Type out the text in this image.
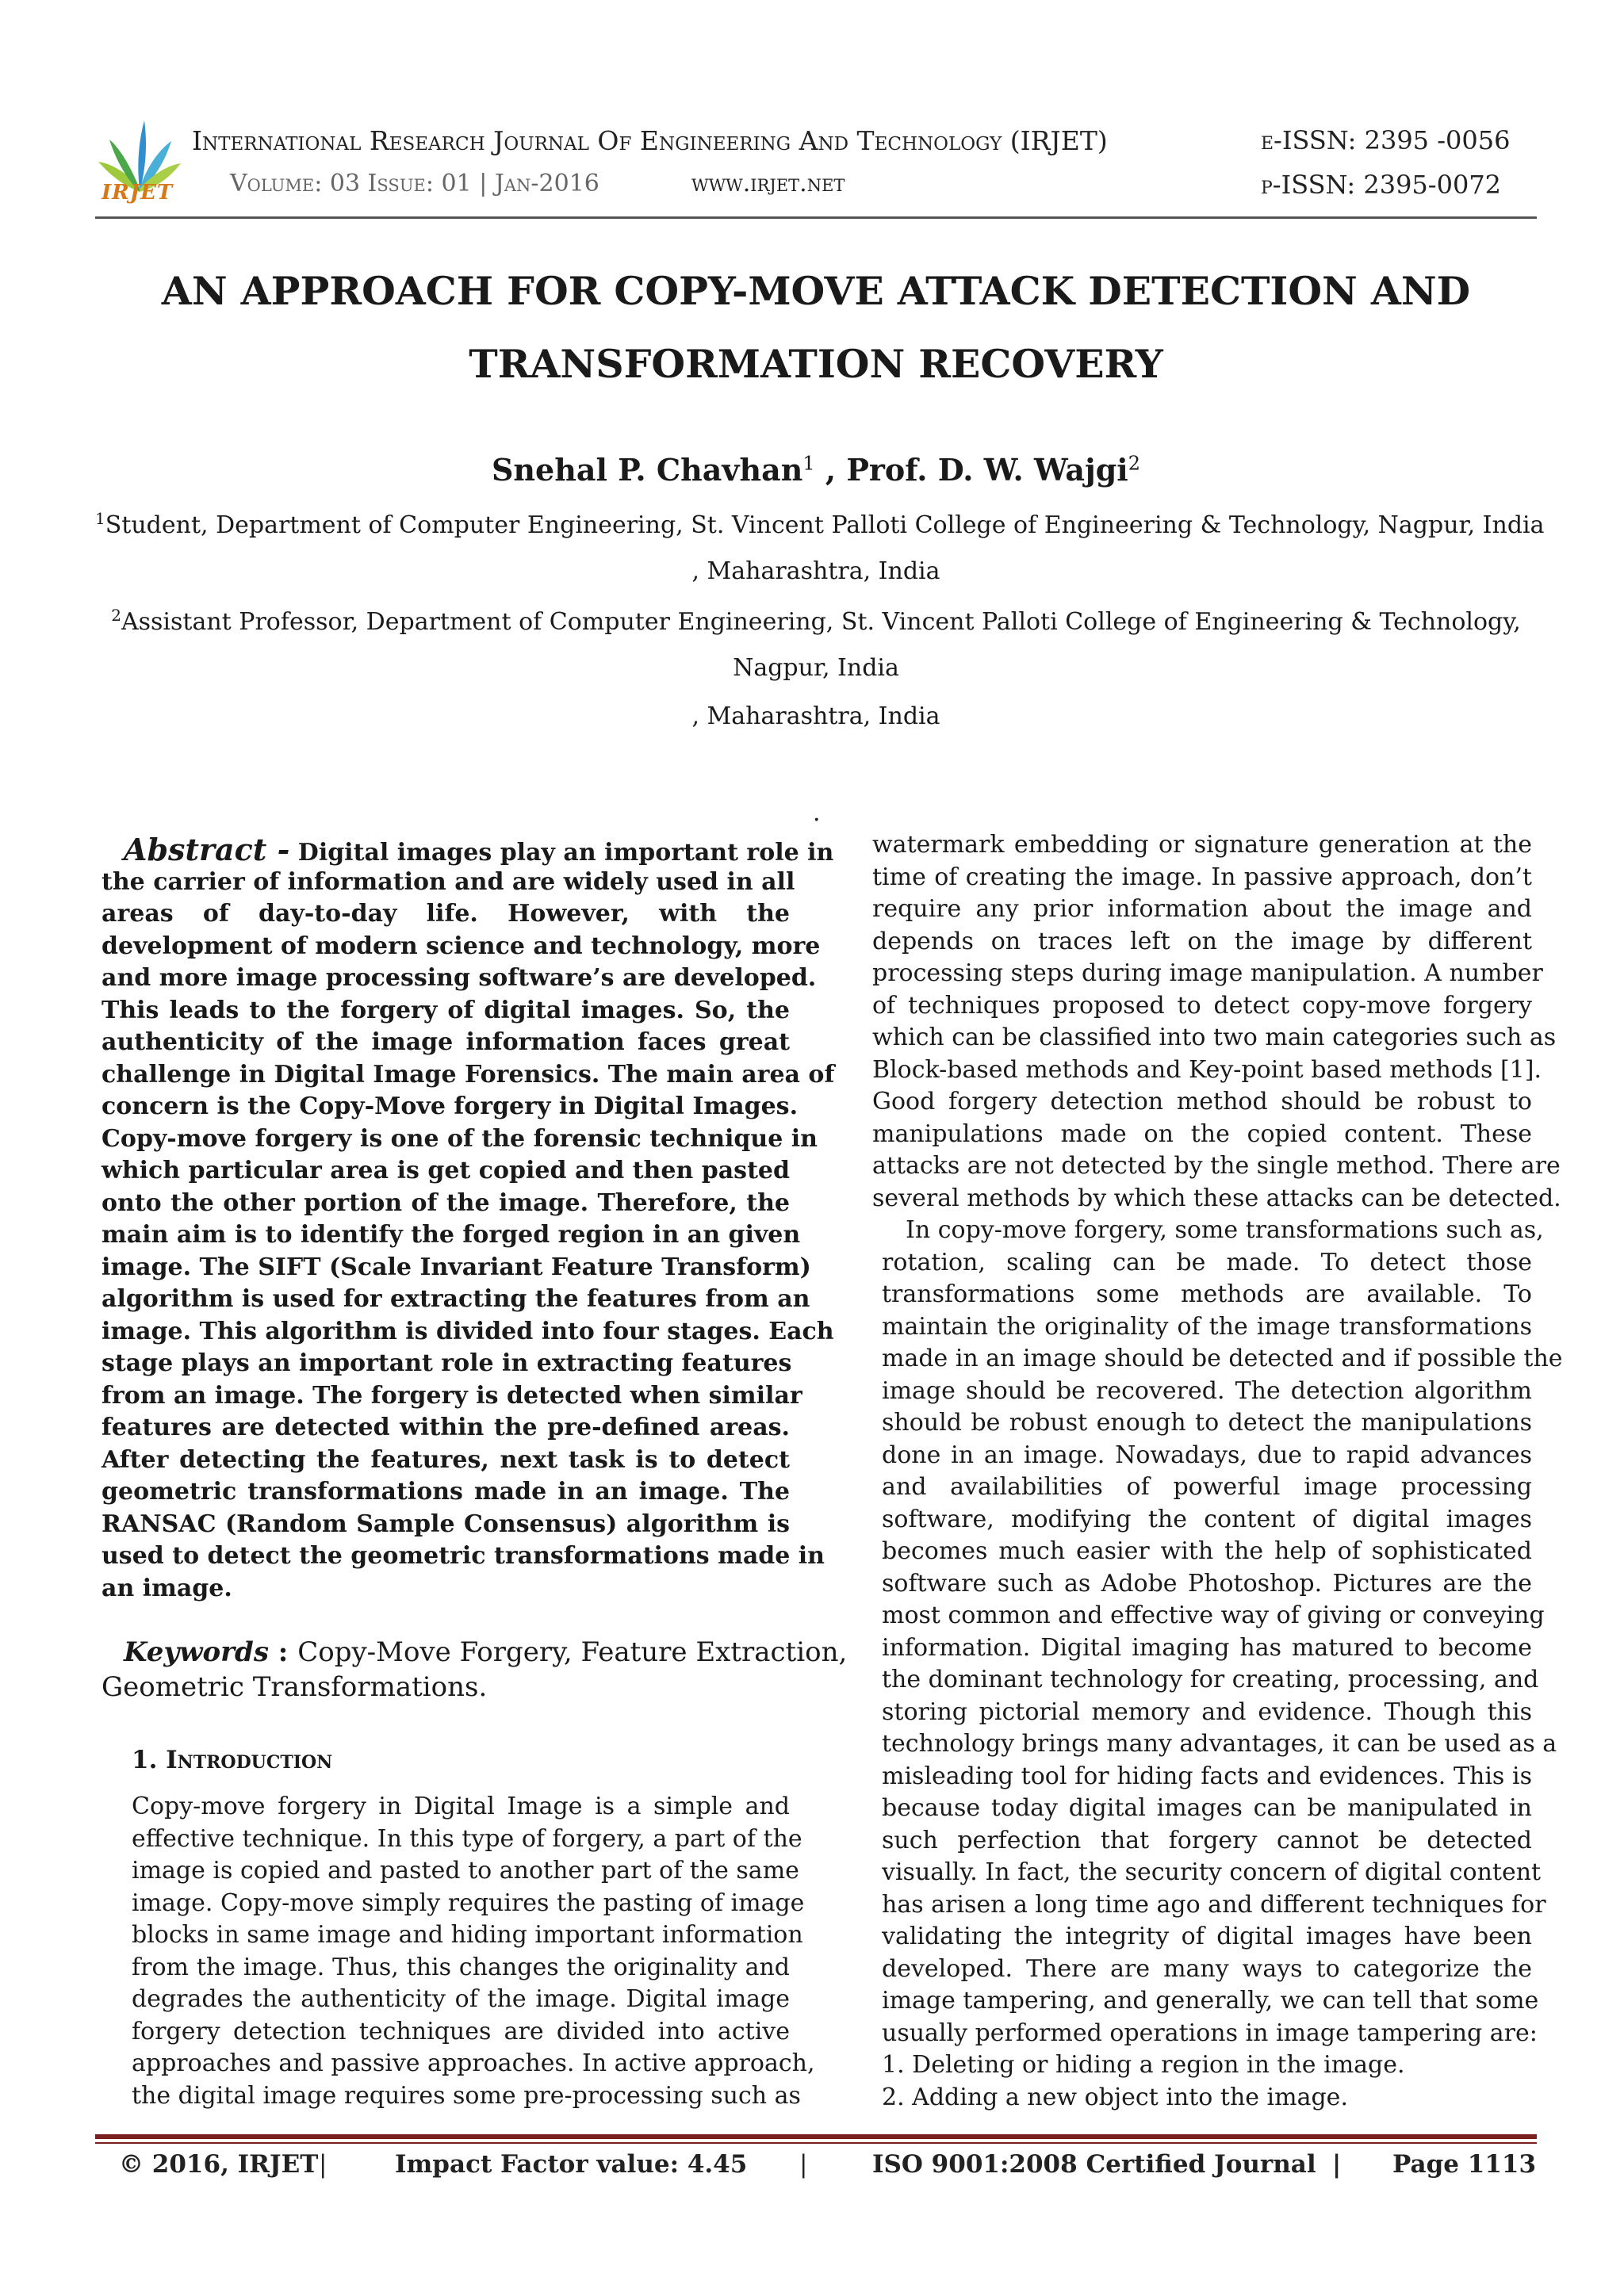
IRJET
International Research Journal Of Engineering And Technology (IRJET)
Volume: 03 Issue: 01 | Jan-2016	www.irjet.net
e-ISSN: 2395 -0056
p-ISSN: 2395-0072
AN APPROACH FOR COPY-MOVE ATTACK DETECTION AND
TRANSFORMATION RECOVERY
Snehal P. Chavhan$^1$ , Prof. D. W. Wajgi$^2$
$^1$Student, Department of Computer Engineering, St. Vincent Palloti College of Engineering & Technology, Nagpur, India
, Maharashtra, India
$^2$Assistant Professor, Department of Computer Engineering, St. Vincent Palloti College of Engineering & Technology,
Nagpur, India
, Maharashtra, India
.
Abstract - Digital images play an important role in
the carrier of information and are widely used in all
areas of day-to-day life. However, with the
development of modern science and technology, more
and more image processing software’s are developed.
This leads to the forgery of digital images. So, the
authenticity of the image information faces great
challenge in Digital Image Forensics. The main area of
concern is the Copy-Move forgery in Digital Images.
Copy-move forgery is one of the forensic technique in
which particular area is get copied and then pasted
onto the other portion of the image. Therefore, the
main aim is to identify the forged region in an given
image. The SIFT (Scale Invariant Feature Transform)
algorithm is used for extracting the features from an
image. This algorithm is divided into four stages. Each
stage plays an important role in extracting features
from an image. The forgery is detected when similar
features are detected within the pre-defined areas.
After detecting the features, next task is to detect
geometric transformations made in an image. The
RANSAC (Random Sample Consensus) algorithm is
used to detect the geometric transformations made in
an image.
Keywords : Copy-Move Forgery, Feature Extraction,
Geometric Transformations.
1. Introduction
Copy-move forgery in Digital Image is a simple and
effective technique. In this type of forgery, a part of the
image is copied and pasted to another part of the same
image. Copy-move simply requires the pasting of image
blocks in same image and hiding important information
from the image. Thus, this changes the originality and
degrades the authenticity of the image. Digital image
forgery detection techniques are divided into active
approaches and passive approaches. In active approach,
the digital image requires some pre-processing such as
watermark embedding or signature generation at the
time of creating the image. In passive approach, don’t
require any prior information about the image and
depends on traces left on the image by different
processing steps during image manipulation. A number
of techniques proposed to detect copy-move forgery
which can be classified into two main categories such as
Block-based methods and Key-point based methods [1].
Good forgery detection method should be robust to
manipulations made on the copied content. These
attacks are not detected by the single method. There are
several methods by which these attacks can be detected.
In copy-move forgery, some transformations such as,
rotation, scaling can be made. To detect those
transformations some methods are available. To
maintain the originality of the image transformations
made in an image should be detected and if possible the
image should be recovered. The detection algorithm
should be robust enough to detect the manipulations
done in an image. Nowadays, due to rapid advances
and availabilities of powerful image processing
software, modifying the content of digital images
becomes much easier with the help of sophisticated
software such as Adobe Photoshop. Pictures are the
most common and effective way of giving or conveying
information. Digital imaging has matured to become
the dominant technology for creating, processing, and
storing pictorial memory and evidence. Though this
technology brings many advantages, it can be used as a
misleading tool for hiding facts and evidences. This is
because today digital images can be manipulated in
such perfection that forgery cannot be detected
visually. In fact, the security concern of digital content
has arisen a long time ago and different techniques for
validating the integrity of digital images have been
developed. There are many ways to categorize the
image tampering, and generally, we can tell that some
usually performed operations in image tampering are:
1. Deleting or hiding a region in the image.
2. Adding a new object into the image.
© 2016, IRJET |	Impact Factor value: 4.45 |	ISO 9001:2008 Certified Journal | Page 1113
